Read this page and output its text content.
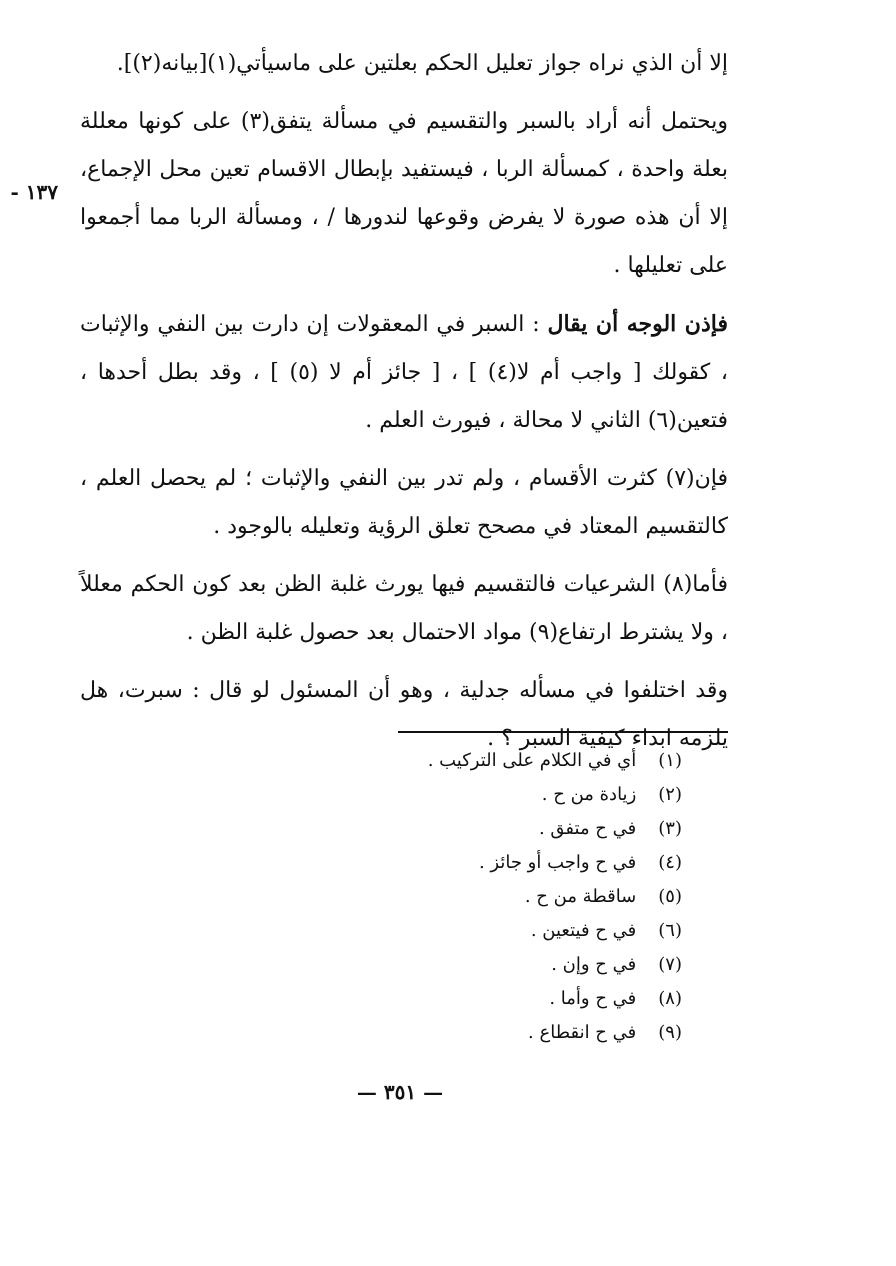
١٣٧ -

إلا أن الذي نراه جواز تعليل الحكم بعلتين على ماسيأتي(١)[بيانه(٢)].

ويحتمل أنه أراد بالسبر والتقسيم في مسألة يتفق(٣) على كونها معللة بعلة واحدة ، كمسألة الربا ، فيستفيد بإبطال الاقسام تعين محل الإجماع، إلا أن هذه صورة لا يفرض وقوعها لندورها / ، ومسألة الربا مما أجمعوا على تعليلها .

فإذن الوجه أن يقال : السبر في المعقولات إن دارت بين النفي والإثبات ، كقولك [ واجب أم لا(٤) ] ، [ جائز أم لا (٥) ] ، وقد بطل أحدها ، فتعين(٦) الثاني لا محالة ، فيورث العلم .

فإن(٧) كثرت الأقسام ، ولم تدر بين النفي والإثبات ؛ لم يحصل العلم ، كالتقسيم المعتاد في مصحح تعلق الرؤية وتعليله بالوجود .

فأما(٨) الشرعيات فالتقسيم فيها يورث غلبة الظن بعد كون الحكم معللاً ، ولا يشترط ارتفاع(٩) مواد الاحتمال بعد حصول غلبة الظن .

وقد اختلفوا في مسأله جدلية ، وهو أن المسئول لو قال : سبرت، هل يلزمه ابداء كيفية السبر ؟ .

(١) أي في الكلام على التركيب .
(٢) زيادة من ح .
(٣) في ح متفق .
(٤) في ح واجب أو جائز .
(٥) ساقطة من ح .
(٦) في ح فيتعين .
(٧) في ح وإن .
(٨) في ح وأما .
(٩) في ح انقطاع .
— ٣٥١ —
